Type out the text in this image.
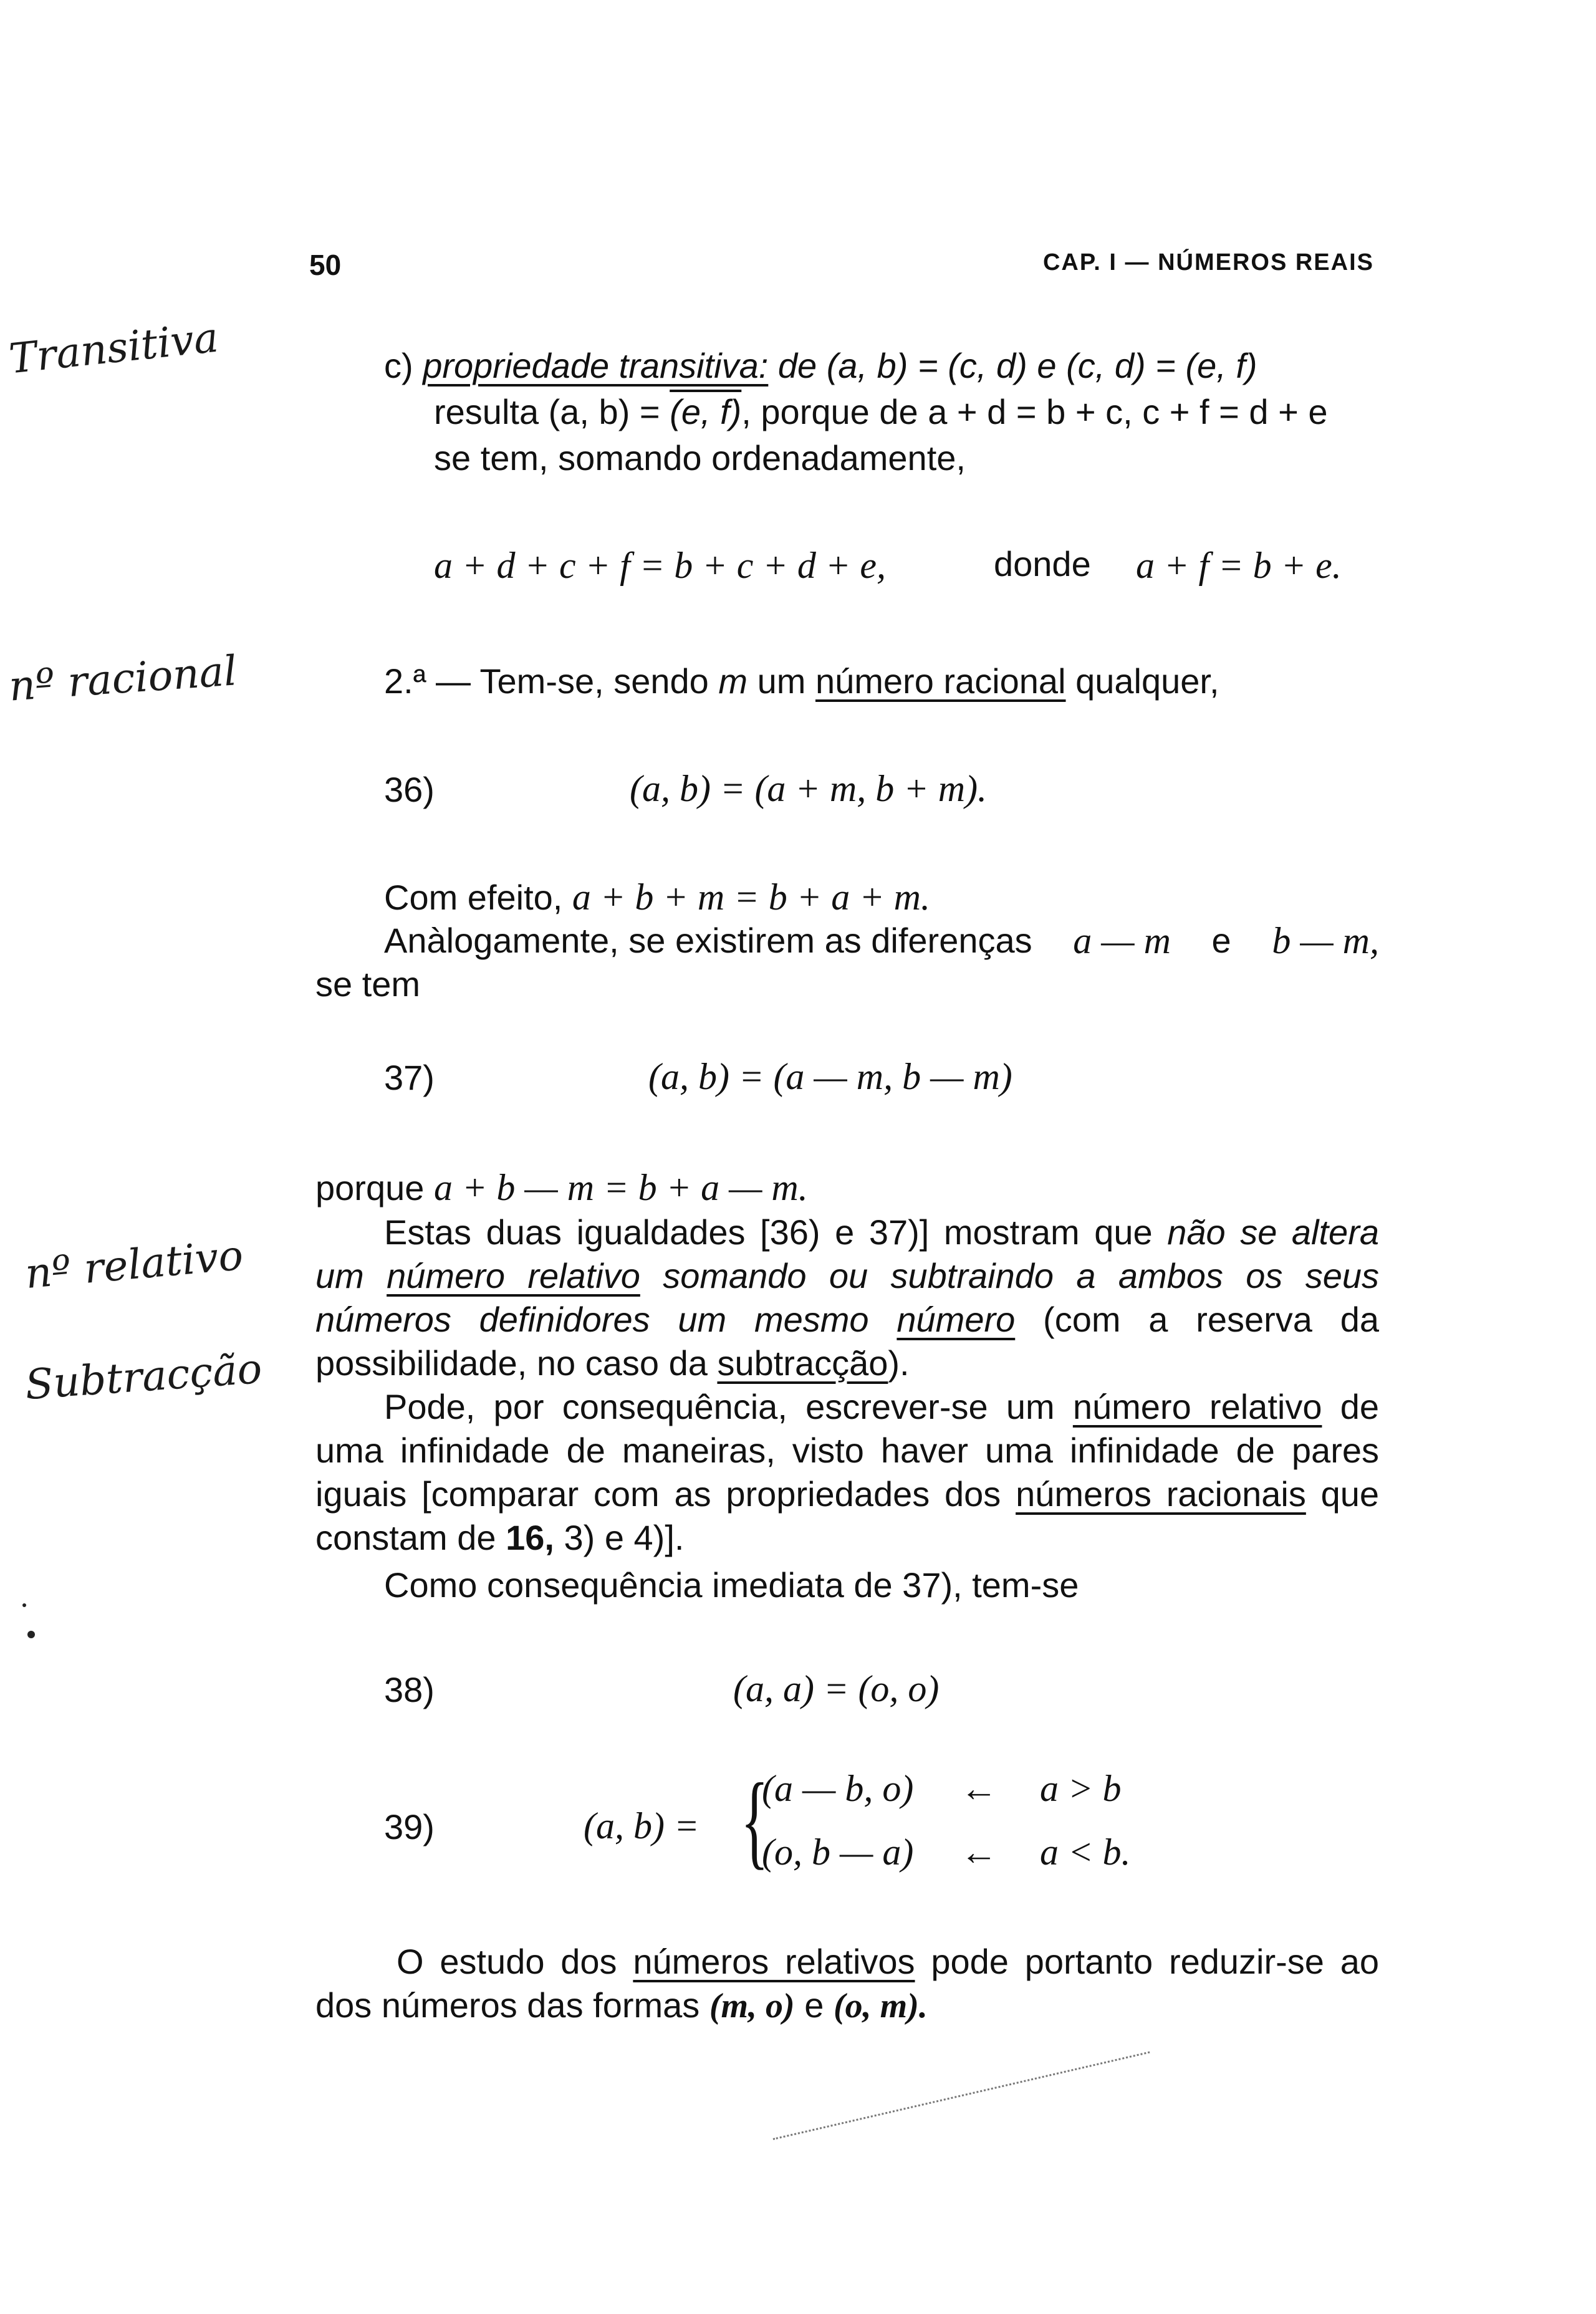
50	CAP. I — NÚMEROS REAIS
Transitiva
nº racional
nº relativo
Subtracção
c) propriedade transitiva: de (a, b) = (c, d) e (c, d) = (e, f)
resulta (a, b) = (e, f), porque de a + d = b + c, c + f = d + e
se tem, somando ordenadamente,
a + d + c + f = b + c + d + e,	donde a + f = b + e.
2.ª — Tem-se, sendo m um número racional qualquer,
36)	(a, b) = (a + m, b + m).
Com efeito, a + b + m = b + a + m.
Anàlogamente, se existirem as diferenças a — m e b — m,
se tem
37)	(a, b) = (a — m, b — m)
porque a + b — m = b + a — m.
Estas duas igualdades [36) e 37)] mostram que não se altera um número relativo somando ou subtraindo a ambos os seus números definidores um mesmo número (com a reserva da possibilidade, no caso da subtracção).
Pode, por consequência, escrever-se um número relativo de uma infinidade de maneiras, visto haver uma infinidade de pares iguais [comparar com as propriedades dos números racionais que constam de 16, 3) e 4)].
Como consequência imediata de 37), tem-se
38)	(a, a) = (o, o)
39)	(a, b) = {
(a — b, o) ← a > b
(o, b — a) ← a < b.
O estudo dos números relativos pode portanto reduzir-se ao dos números das formas (m, o) e (o, m).
